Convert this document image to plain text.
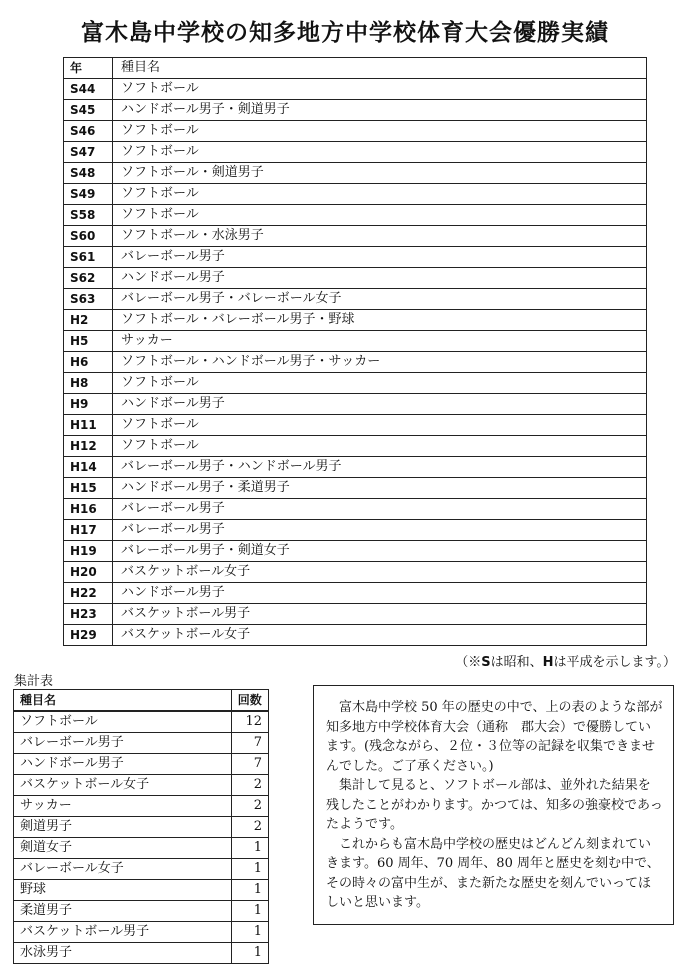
富木島中学校の知多地方中学校体育大会優勝実績
年	種目名
S44	ソフトボール
S45	ハンドボール男子・剣道男子
S46	ソフトボール
S47	ソフトボール
S48	ソフトボール・剣道男子
S49	ソフトボール
S58	ソフトボール
S60	ソフトボール・水泳男子
S61	バレーボール男子
S62	ハンドボール男子
S63	バレーボール男子・バレーボール女子
H2	ソフトボール・バレーボール男子・野球
H5	サッカー
H6	ソフトボール・ハンドボール男子・サッカー
H8	ソフトボール
H9	ハンドボール男子
H11	ソフトボール
H12	ソフトボール
H14	バレーボール男子・ハンドボール男子
H15	ハンドボール男子・柔道男子
H16	バレーボール男子
H17	バレーボール男子
H19	バレーボール男子・剣道女子
H20	バスケットボール女子
H22	ハンドボール男子
H23	バスケットボール男子
H29	バスケットボール女子
（※Sは昭和、Hは平成を示します。）
集計表
種目名	回数
ソフトボール	12
バレーボール男子	7
ハンドボール男子	7
バスケットボール女子	2
サッカー	2
剣道男子	2
剣道女子	1
バレーボール女子	1
野球	1
柔道男子	1
バスケットボール男子	1
水泳男子	1

富木島中学校 50 年の歴史の中で、上の表のような部が知多地方中学校体育大会（通称　郡大会）で優勝しています。(残念ながら、２位・３位等の記録を収集できませんでした。ご了承ください。)

集計して見ると、ソフトボール部は、並外れた結果を残したことがわかります。かつては、知多の強豪校であったようです。

これからも富木島中学校の歴史はどんどん刻まれていきます。60 周年、70 周年、80 周年と歴史を刻む中で、その時々の富中生が、また新たな歴史を刻んでいってほしいと思います。
